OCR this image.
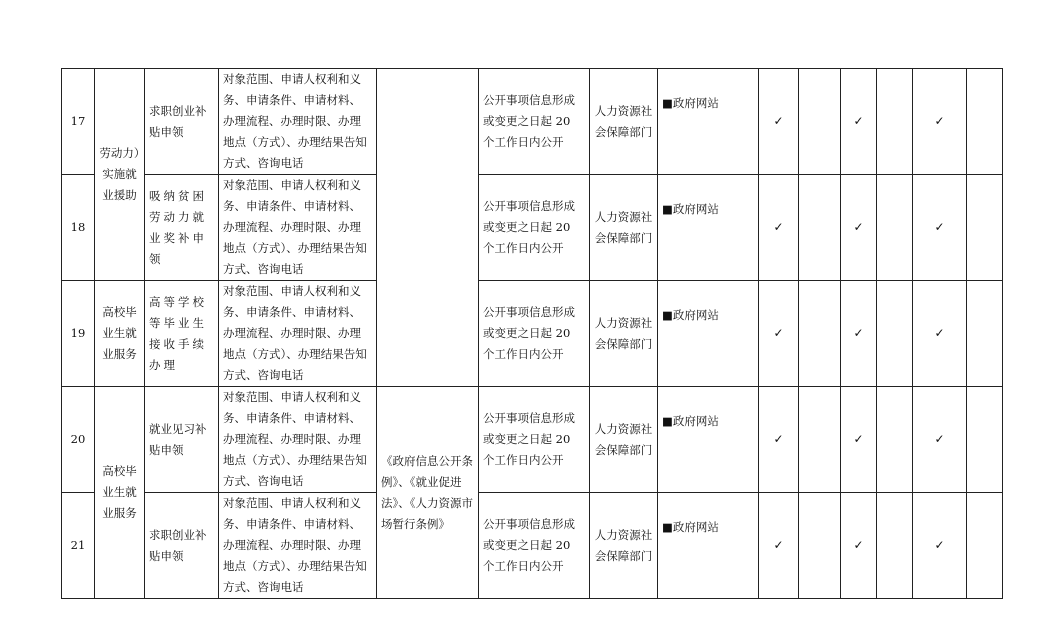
17	劳动力）实施就业援助	求职创业补贴申领	对象范围、申请人权利和义务、申请条件、申请材料、办理流程、办理时限、办理地点（方式）、办理结果告知方式、咨询电话		公开事项信息形成或变更之日起 20 个工作日内公开	人力资源社会保障部门	■政府网站	✓		✓		✓	
18		吸纳贫困劳动力就业奖补申领	对象范围、申请人权利和义务、申请条件、申请材料、办理流程、办理时限、办理地点（方式）、办理结果告知方式、咨询电话		公开事项信息形成或变更之日起 20 个工作日内公开	人力资源社会保障部门	■政府网站	✓		✓		✓	
19	高校毕业生就业服务	高等学校等毕业生接收手续办理	对象范围、申请人权利和义务、申请条件、申请材料、办理流程、办理时限、办理地点（方式）、办理结果告知方式、咨询电话		公开事项信息形成或变更之日起 20 个工作日内公开	人力资源社会保障部门	■政府网站	✓		✓		✓	
20	高校毕业生就业服务	就业见习补贴申领	对象范围、申请人权利和义务、申请条件、申请材料、办理流程、办理时限、办理地点（方式）、办理结果告知方式、咨询电话	《政府信息公开条例》、《就业促进法》、《人力资源市场暂行条例》	公开事项信息形成或变更之日起 20 个工作日内公开	人力资源社会保障部门	■政府网站	✓		✓		✓	
21		求职创业补贴申领	对象范围、申请人权利和义务、申请条件、申请材料、办理流程、办理时限、办理地点（方式）、办理结果告知方式、咨询电话		公开事项信息形成或变更之日起 20 个工作日内公开	人力资源社会保障部门	■政府网站	✓		✓		✓	
